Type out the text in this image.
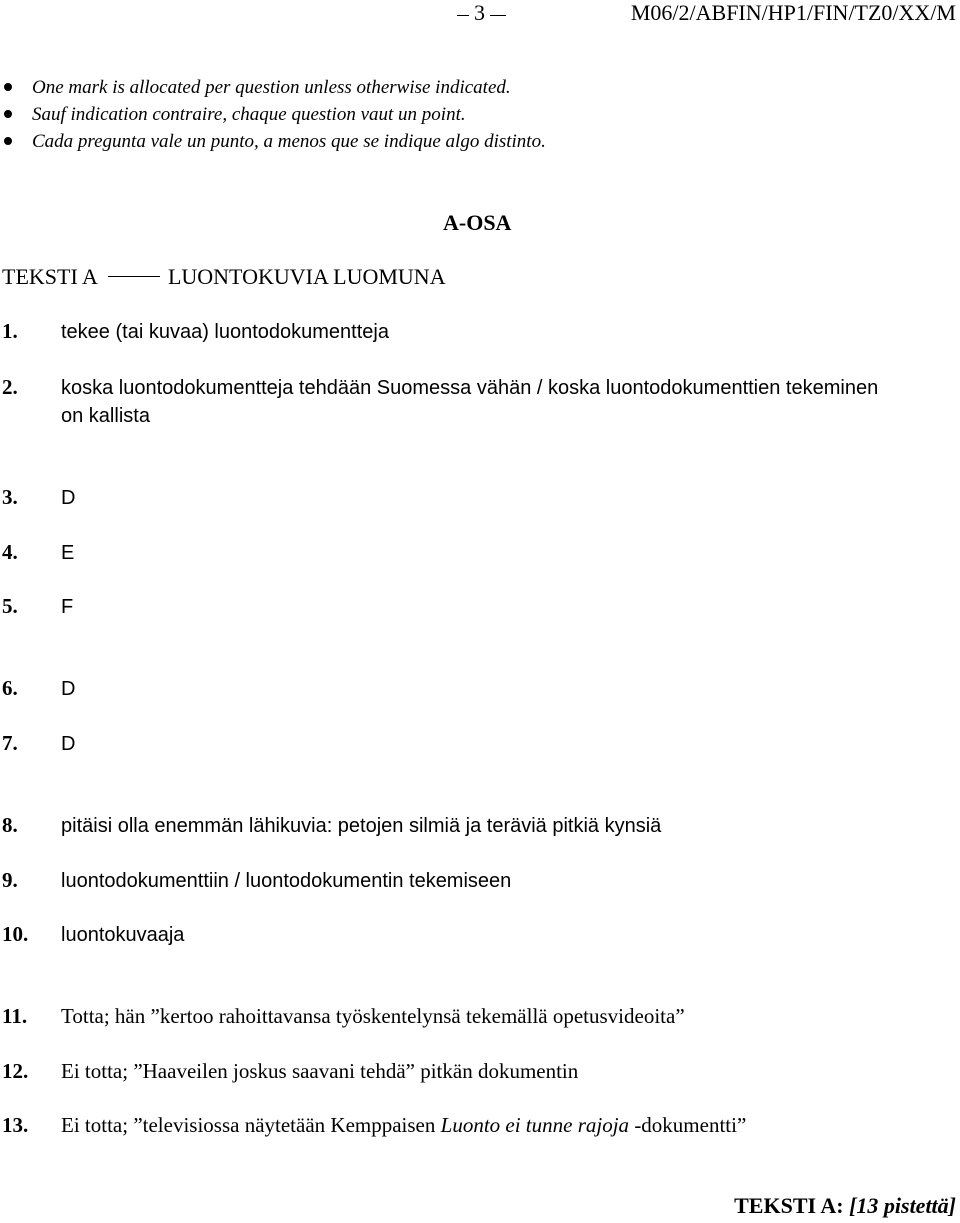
3	M06/2/ABFIN/HP1/FIN/TZ0/XX/M
One mark is allocated per question unless otherwise indicated.
Sauf indication contraire, chaque question vaut un point.
Cada pregunta vale un punto, a menos que se indique algo distinto.
A-OSA
TEKSTI A	LUONTOKUVIA LUOMUNA
1. tekee (tai kuvaa) luontodokumentteja
2. koska luontodokumentteja tehdään Suomessa vähän / koska luontodokumenttien tekeminen
on kallista
3. D
4. E
5. F
6. D
7. D
8. pitäisi olla enemmän lähikuvia: petojen silmiä ja teräviä pitkiä kynsiä
9. luontodokumenttiin / luontodokumentin tekemiseen
10. luontokuvaaja
11. Totta; hän ”kertoo rahoittavansa työskentelynsä tekemällä opetusvideoita”
12. Ei totta; ”Haaveilen joskus saavani tehdä” pitkän dokumentin
13. Ei totta; ”televisiossa näytetään Kemppaisen Luonto ei tunne rajoja -dokumentti”
TEKSTI A: [13 pistettä]
